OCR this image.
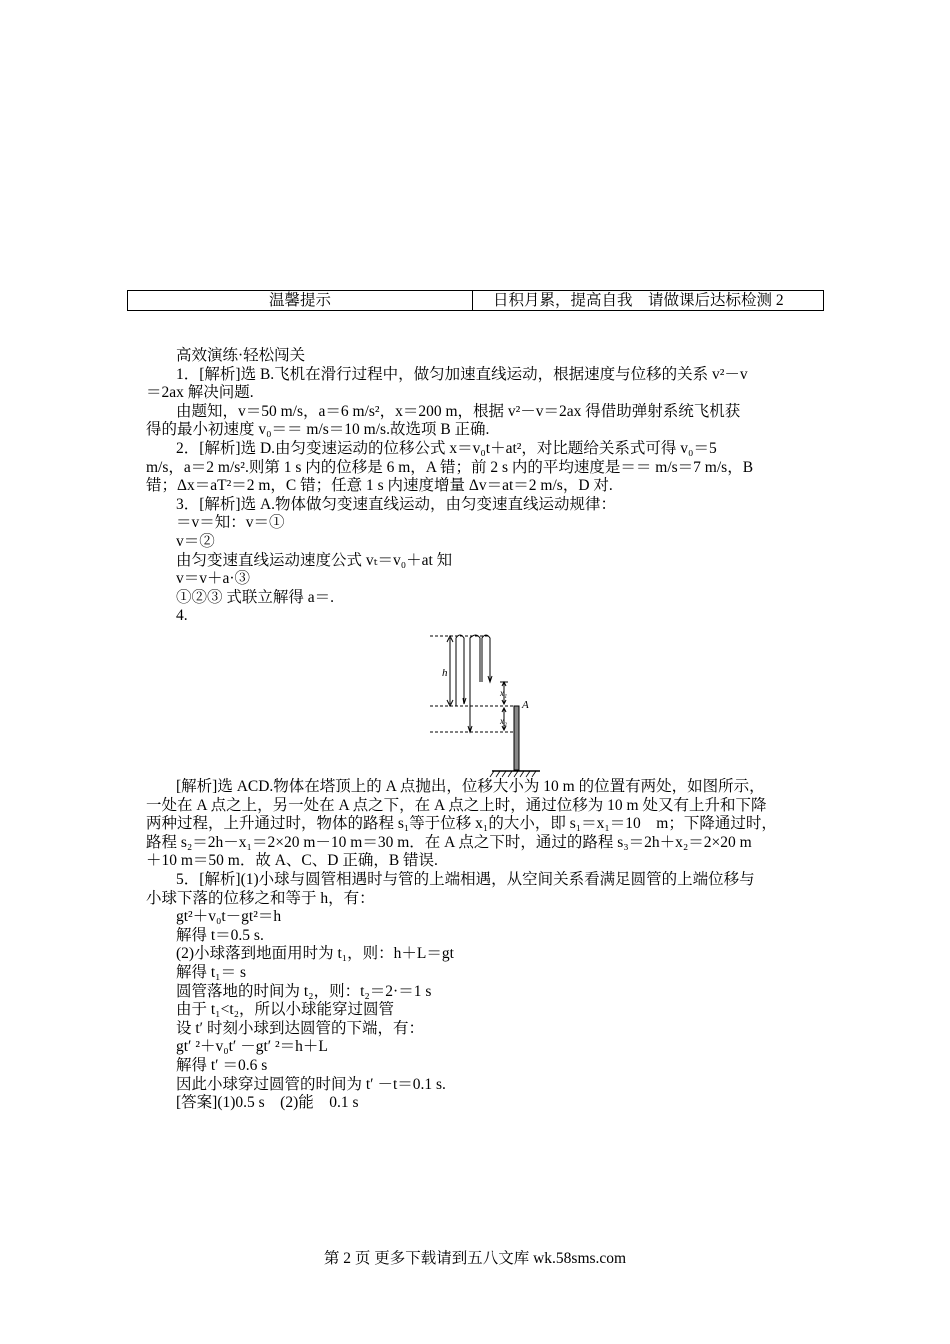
温馨提示	日积月累，提高自我　请做课后达标检测 2
高效演练·轻松闯关
1．[解析]选 B.飞机在滑行过程中，做匀加速直线运动，根据速度与位移的关系 v²－v
＝2ax 解决问题.
由题知，v＝50 m/s，a＝6 m/s²，x＝200 m，根据 v²－v＝2ax 得借助弹射系统飞机获
得的最小初速度 v₀＝＝ m/s＝10 m/s.故选项 B 正确.
2．[解析]选 D.由匀变速运动的位移公式 x＝v₀t＋at²，对比题给关系式可得 v₀＝5
m/s，a＝2 m/s².则第 1 s 内的位移是 6 m，A 错；前 2 s 内的平均速度是＝＝ m/s＝7 m/s，B
错；Δx＝aT²＝2 m，C 错；任意 1 s 内速度增量 Δv＝at＝2 m/s，D 对.
3．[解析]选 A.物体做匀变速直线运动，由匀变速直线运动规律：
＝v＝知：v＝①
v＝②
由匀变速直线运动速度公式 vₜ＝v₀＋at 知
v＝v＋a·③
①②③ 式联立解得 a＝.
4.
h
x₁
x₂
A
[解析]选 ACD.物体在塔顶上的 A 点抛出，位移大小为 10 m 的位置有两处，如图所示，
一处在 A 点之上，另一处在 A 点之下，在 A 点之上时，通过位移为 10 m 处又有上升和下降
两种过程，上升通过时，物体的路程 s₁等于位移 x₁的大小，即 s₁＝x₁＝10　m；下降通过时，
路程 s₂＝2h－x₁＝2×20 m－10 m＝30 m．在 A 点之下时，通过的路程 s₃＝2h＋x₂＝2×20 m
＋10 m＝50 m．故 A、C、D 正确，B 错误.
5．[解析](1)小球与圆管相遇时与管的上端相遇，从空间关系看满足圆管的上端位移与
小球下落的位移之和等于 h，有：
gt²＋v₀t－gt²＝h
解得 t＝0.5 s.
(2)小球落到地面用时为 t₁，则：h＋L＝gt
解得 t₁＝ s
圆管落地的时间为 t₂，则：t₂＝2·＝1 s
由于 t₁<t₂，所以小球能穿过圆管
设 t′ 时刻小球到达圆管的下端，有：
gt′ ²＋v₀t′ －gt′ ²＝h＋L
解得 t′ ＝0.6 s
因此小球穿过圆管的时间为 t′ －t＝0.1 s.
[答案](1)0.5 s　(2)能　0.1 s
第 2 页 更多下载请到五八文库 wk.58sms.com
